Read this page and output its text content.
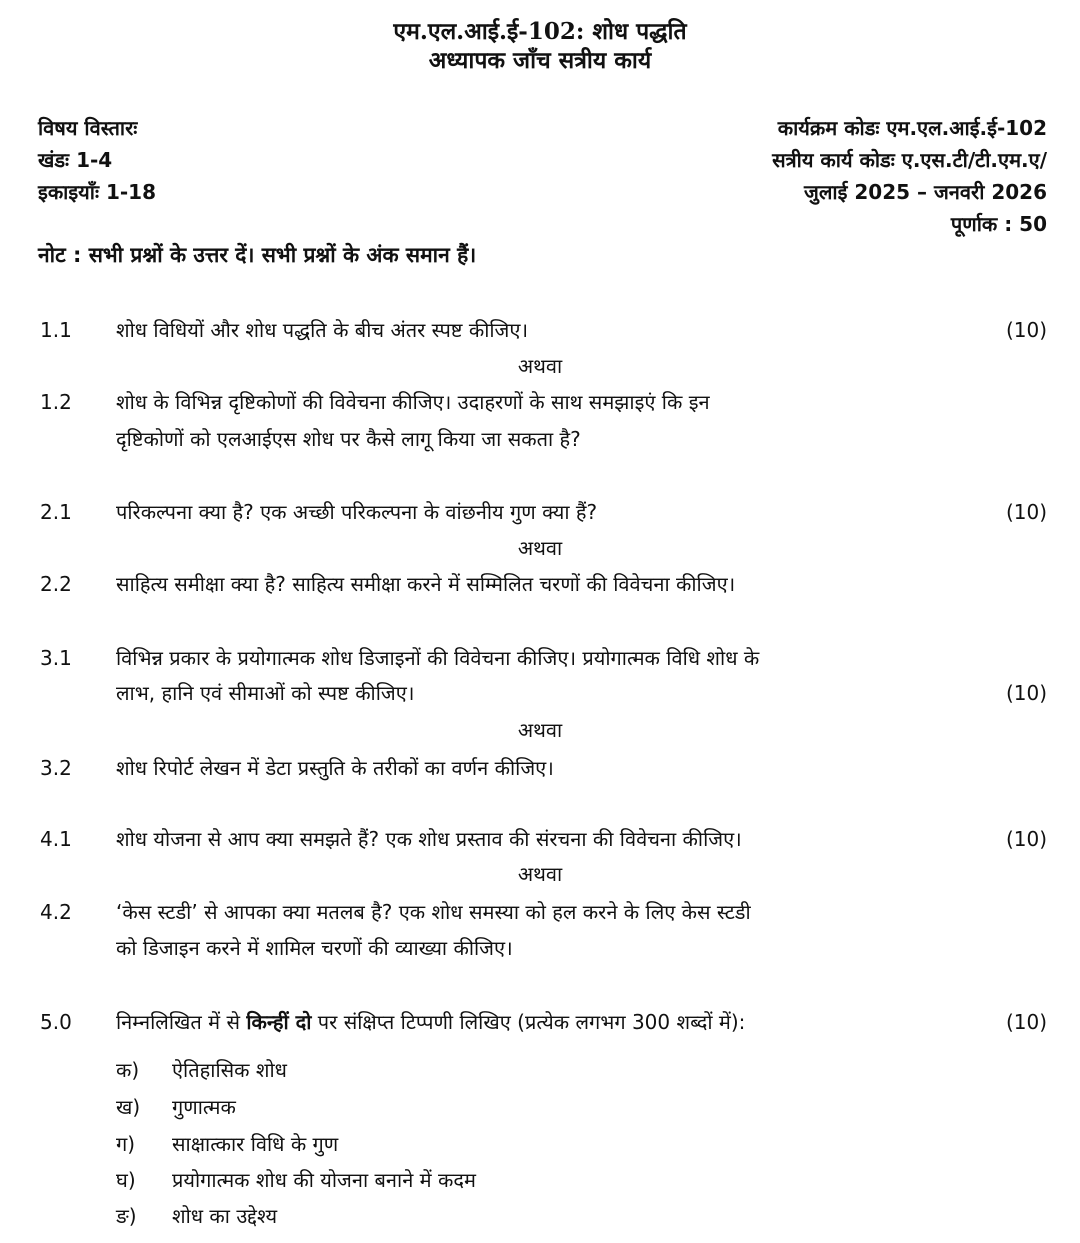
एम.एल.आई.ई-102: शोध पद्धति
अध्यापक जाँच सत्रीय कार्य
विषय विस्तारः
खंडः 1-4
इकाइयाँः 1-18
कार्यक्रम कोडः एम.एल.आई.ई-102
सत्रीय कार्य कोडः ए.एस.टी/टी.एम.ए/
जुलाई 2025 – जनवरी 2026
पूर्णाक : 50
नोट : सभी प्रश्नों के उत्तर दें। सभी प्रश्नों के अंक समान हैं।
1.1	शोध विधियों और शोध पद्धति के बीच अंतर स्पष्ट कीजिए।	(10)
अथवा
1.2	शोध के विभिन्न दृष्टिकोणों की विवेचना कीजिए। उदाहरणों के साथ समझाइएं कि इन
दृष्टिकोणों को एलआईएस शोध पर कैसे लागू किया जा सकता है?
2.1	परिकल्पना क्या है? एक अच्छी परिकल्पना के वांछनीय गुण क्या हैं?	(10)
अथवा
2.2	साहित्य समीक्षा क्या है? साहित्य समीक्षा करने में सम्मिलित चरणों की विवेचना कीजिए।
3.1	विभिन्न प्रकार के प्रयोगात्मक शोध डिजाइनों की विवेचना कीजिए। प्रयोगात्मक विधि शोध के
लाभ, हानि एवं सीमाओं को स्पष्ट कीजिए।	(10)
अथवा
3.2	शोध रिपोर्ट लेखन में डेटा प्रस्तुति के तरीकों का वर्णन कीजिए।
4.1	शोध योजना से आप क्या समझते हैं? एक शोध प्रस्ताव की संरचना की विवेचना कीजिए।	(10)
अथवा
4.2	‘केस स्टडी’ से आपका क्या मतलब है? एक शोध समस्या को हल करने के लिए केस स्टडी
को डिजाइन करने में शामिल चरणों की व्याख्या कीजिए।
5.0	निम्नलिखित में से किन्हीं दो पर संक्षिप्त टिप्पणी लिखिए (प्रत्येक लगभग 300 शब्दों में):	(10)
क) ऐतिहासिक शोध
ख) गुणात्मक
ग) साक्षात्कार विधि के गुण
घ) प्रयोगात्मक शोध की योजना बनाने में कदम
ङ) शोध का उद्देश्य
